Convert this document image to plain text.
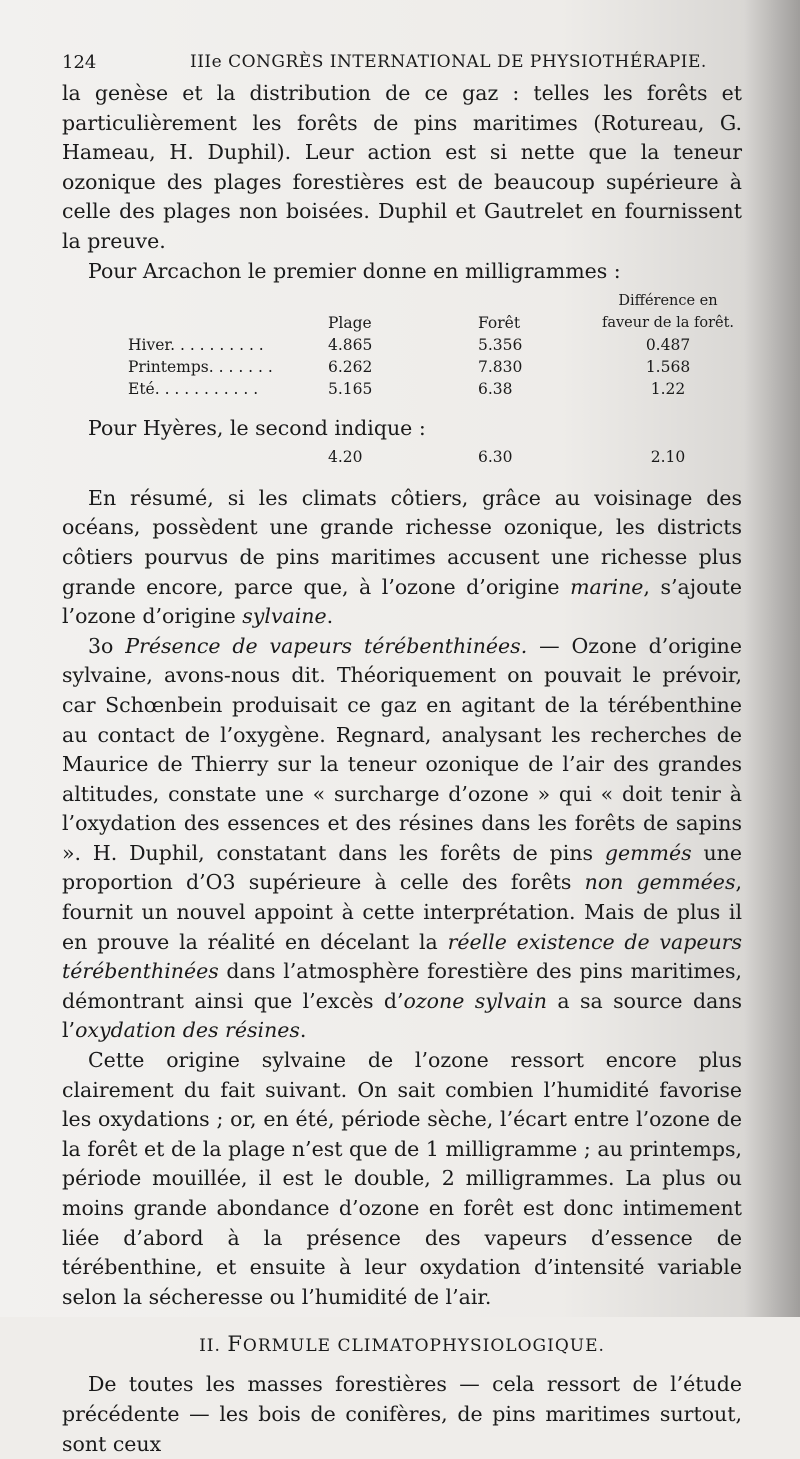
124	IIIe CONGRÈS INTERNATIONAL DE PHYSIOTHÉRAPIE.

la genèse et la distribution de ce gaz : telles les forêts et particulièrement les forêts de pins maritimes (Rotureau, G. Hameau, H. Duphil). Leur action est si nette que la teneur ozonique des plages forestières est de beaucoup supérieure à celle des plages non boisées. Duphil et Gautrelet en fournissent la preuve.

Pour Arcachon le premier donne en milligrammes :

	Plage	Forêt	Différence en faveur de la forêt.
Hiver. . . . . . . . . .	4.865	5.356	0.487
Printemps. . . . . . .	6.262	7.830	1.568
Eté. . . . . . . . . . .	5.165	6.38	1.22

Pour Hyères, le second indique :

	4.20	6.30	2.10

En résumé, si les climats côtiers, grâce au voisinage des océans, possèdent une grande richesse ozonique, les districts côtiers pourvus de pins maritimes accusent une richesse plus grande encore, parce que, à l’ozone d’origine marine, s’ajoute l’ozone d’origine sylvaine.

3o Présence de vapeurs térébenthinées. — Ozone d’origine sylvaine, avons-nous dit. Théoriquement on pouvait le prévoir, car Schœnbein produisait ce gaz en agitant de la térébenthine au contact de l’oxygène. Regnard, analysant les recherches de Maurice de Thierry sur la teneur ozonique de l’air des grandes altitudes, constate une « surcharge d’ozone » qui « doit tenir à l’oxydation des essences et des résines dans les forêts de sapins ». H. Duphil, constatant dans les forêts de pins gemmés une proportion d’O3 supérieure à celle des forêts non gemmées, fournit un nouvel appoint à cette interprétation. Mais de plus il en prouve la réalité en décelant la réelle existence de vapeurs térébenthinées dans l’atmosphère forestière des pins maritimes, démontrant ainsi que l’excès d’ozone sylvain a sa source dans l’oxydation des résines.

Cette origine sylvaine de l’ozone ressort encore plus clairement du fait suivant. On sait combien l’humidité favorise les oxydations ; or, en été, période sèche, l’écart entre l’ozone de la forêt et de la plage n’est que de 1 milligramme ; au printemps, période mouillée, il est le double, 2 milligrammes. La plus ou moins grande abondance d’ozone en forêt est donc intimement liée d’abord à la présence des vapeurs d’essence de térébenthine, et ensuite à leur oxydation d’intensité variable selon la sécheresse ou l’humidité de l’air.

II. FORMULE CLIMATOPHYSIOLOGIQUE.

De toutes les masses forestières — cela ressort de l’étude précédente — les bois de conifères, de pins maritimes surtout, sont ceux
